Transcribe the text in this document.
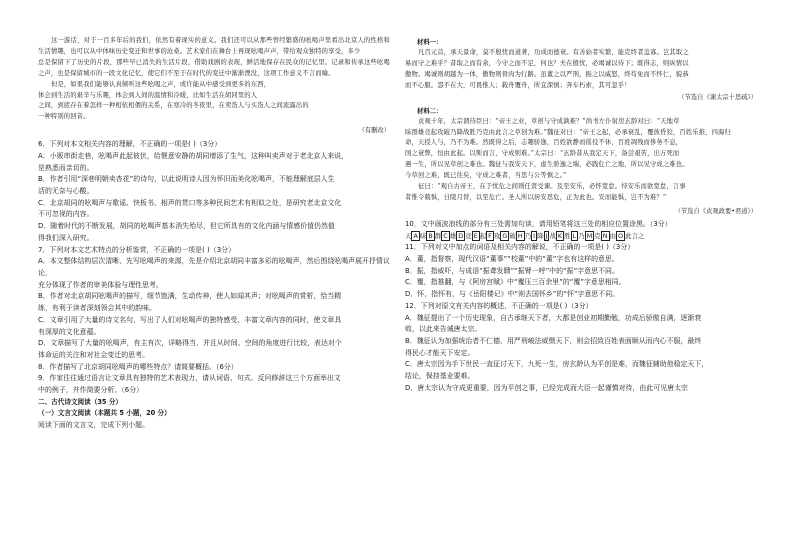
这一游话，对于一百多年后的我们，依然有着现实的意义。我们还可以从那些曾经繁盛的吆喝声里看出北京人的性格和生活情趣，也可以从中体味历史变迁和世事的沧桑。艺术家们在舞台上再现吆喝声声，带给观众独特的享受，多少

总是保留下了历史的片段，那些早已消失的生活片段，借助戏剧的表现，鲜活地保存在民众的记忆里。记录和传承这些吆喝之声，也是保留城市的一段文化记忆，使它们不至于在时代的变迁中渐渐湮没，这项工作意义不言而喻。

但是，如果我们能够认真倾听这些吆喝之声，或许能从中感受到更多的东西，

体会到生活的艰辛与乐趣，体会到人间的温情和冷暖，比如生活在胡同里的人

之间，到底存在着怎样一种相依相偎的关系，在寒冷的冬夜里，在卖货人与买货人之间流露出的

一种特别的回音。

（有删改）

6．下列对本文相关内容的理解，不正确的一项是( )（3分）
A．小贩串街走巷，吆喝声此起彼伏，给惬意安静的胡同增添了生气，这种叫卖声对于老北京人来说，
是熟悉而亲切的。
B．作者引用“深巷明朝卖杏花”的诗句，以此说明诗人因为怀旧而美化吆喝声，不能理解底层人生
活的无奈与心酸。
C．北京胡同的吆喝声与歌谣、快板书、相声的贯口等多种民间艺术有相似之处，是研究老北京文化
不可忽视的内容。
D．随着时代的不断发展，胡同的吆喝声基本消失殆尽，但它所具有的文化内涵与情感价值仍然值
得我们深入研究。
7．下列对本文艺术特点的分析鉴赏，不正确的一项是( )（3分）
A．本文整体结构层次清晰，先写吆喝声的来源，先是介绍北京胡同丰富多彩的吆喝声，然后围绕吆喝声展开抒情议论，
充分体现了作者的审美体验与理性思考。
B．作者对北京胡同吆喝声的描写，细节饱满，生动传神，使人如闻其声；对吆喝声的赏析，恰当精
练，有利于读者深刻领会其中的韵味。
C．文章引用了大量的诗文名句，写出了人们对吆喝声的独特感受，丰富文章内容的同时，使文章具
有深厚的文化意蕴。
D．文章描写了大量的吆喝声，有主有次，详略得当，并且从时间、空间的角度进行比较，表达对个
体命运的关注和对社会变迁的思考。
8．作者描写了北京胡同吆喝声的哪些特点？请简要概括。（6分）
9．作家往往通过语言让文章具有独特的艺术表现力，请从词语、句式、反问修辞这三个方面举出文
中的例子，并作简要分析。（6分）
二、古代诗文阅读（35 分）
（一）文言文阅读（本题共 5 小题，20 分）
阅读下面的文言文，完成下列小题。
材料一：

凡百元首，承天景命，莫不殷忧而道著，功成而德衰。有善始者实繁，能克终者盖寡。岂其取之

易而守之难乎？昔取之而有余，今守之而不足，何也？夫在殷忧，必竭诚以待下；既得志，则纵情以

傲物。竭诚则胡越为一体，傲物则骨肉为行路。虽董之以严刑，振之以威怒，终苟免而不怀仁，貌恭

而不心服。怨不在大，可畏惟人；载舟覆舟，所宜深慎；奔车朽索，其可忽乎！

（节选自《谏太宗十思疏》）

材料二：

贞观十年，太宗谓侍臣曰：“帝王之业，草创与守成孰难？”尚书左仆射房玄龄对曰：“天地草

昧群雄竞起攻破乃降战胜乃克由此言之草创为难。”魏征对曰：“帝王之起，必承衰乱，覆彼昏狡，百姓乐推，四海归

命，天授人与，乃不为难。然既得之后，志趣骄逸，百姓欲静而徭役不休，百姓凋残而侈务不息，

国之衰弊，恒由此起。以斯而言，守成则难。”太宗曰：“玄龄昔从我定天下，备尝艰苦，出万死而

遇一生，所以见草创之难也。魏征与我安天下，虑生骄逸之端，必践危亡之地，所以见守成之难也。

今草创之难，既已往矣，守成之难者，当思与公等慎之。”

征曰：“观自古帝王，在于忧危之间则任贤受谏。及至安乐，必怀宽怠。恃安乐而欲宽怠，言事

者惟令兢惧，日陵月替，以至危亡。圣人所以居安思危，正为此也。安而能惧，岂不为难？”

（节选自《贞观政要•君道》）

10．文中画波浪线的部分有三处需加句读，请用铅笔将这三处的相应位置涂黑。（3分）
天 A 昧 B 群 C 雄 D 竞 E 起 F 攻 G 破 H 乃 I 降 J 战 K 胜 L 乃 M 克 N 由 O 此言之
11．下列对文中加点的词语及相关内容的解说，不正确的一项是( )（3分）
A．董，指督察，现代汉语“董事”“校董”中的“董”字也有这样的意思。
B．振，指威吓，与成语“振聋发聩”“振臂一呼”中的“振”字意思不同。
C．覆，指推翻，与《阿房宫赋》中“覆压三百余里”的“覆”字意思相同。
D．怀，指怀有，与《岳阳楼记》中“则去国怀乡”的“怀”字意思不同。
12．下列对原文有关内容的概述，不正确的一项是( )（3分）
A．魏征提出了一个历史现象，自古承继天下者，大都是创业初期勤勉，功成后骄傲自满，逐渐衰
败，以此来告诫唐太宗。
B．魏征认为加强统治者不仁德，用严刑峻法威慑天下，则会招致百姓表面顺从而内心不服，最终
得民心才能天下安定。
C．唐太宗因为手下世民一直征讨天下，九死一生，房玄龄认为平创是难，而魏征辅助他稳定天下，
结论，保持基业要难。
D．唐太宗认为守成更重要，因为平创之事，已经完成而大臣一起谨慎对待，由此可见唐太宗
